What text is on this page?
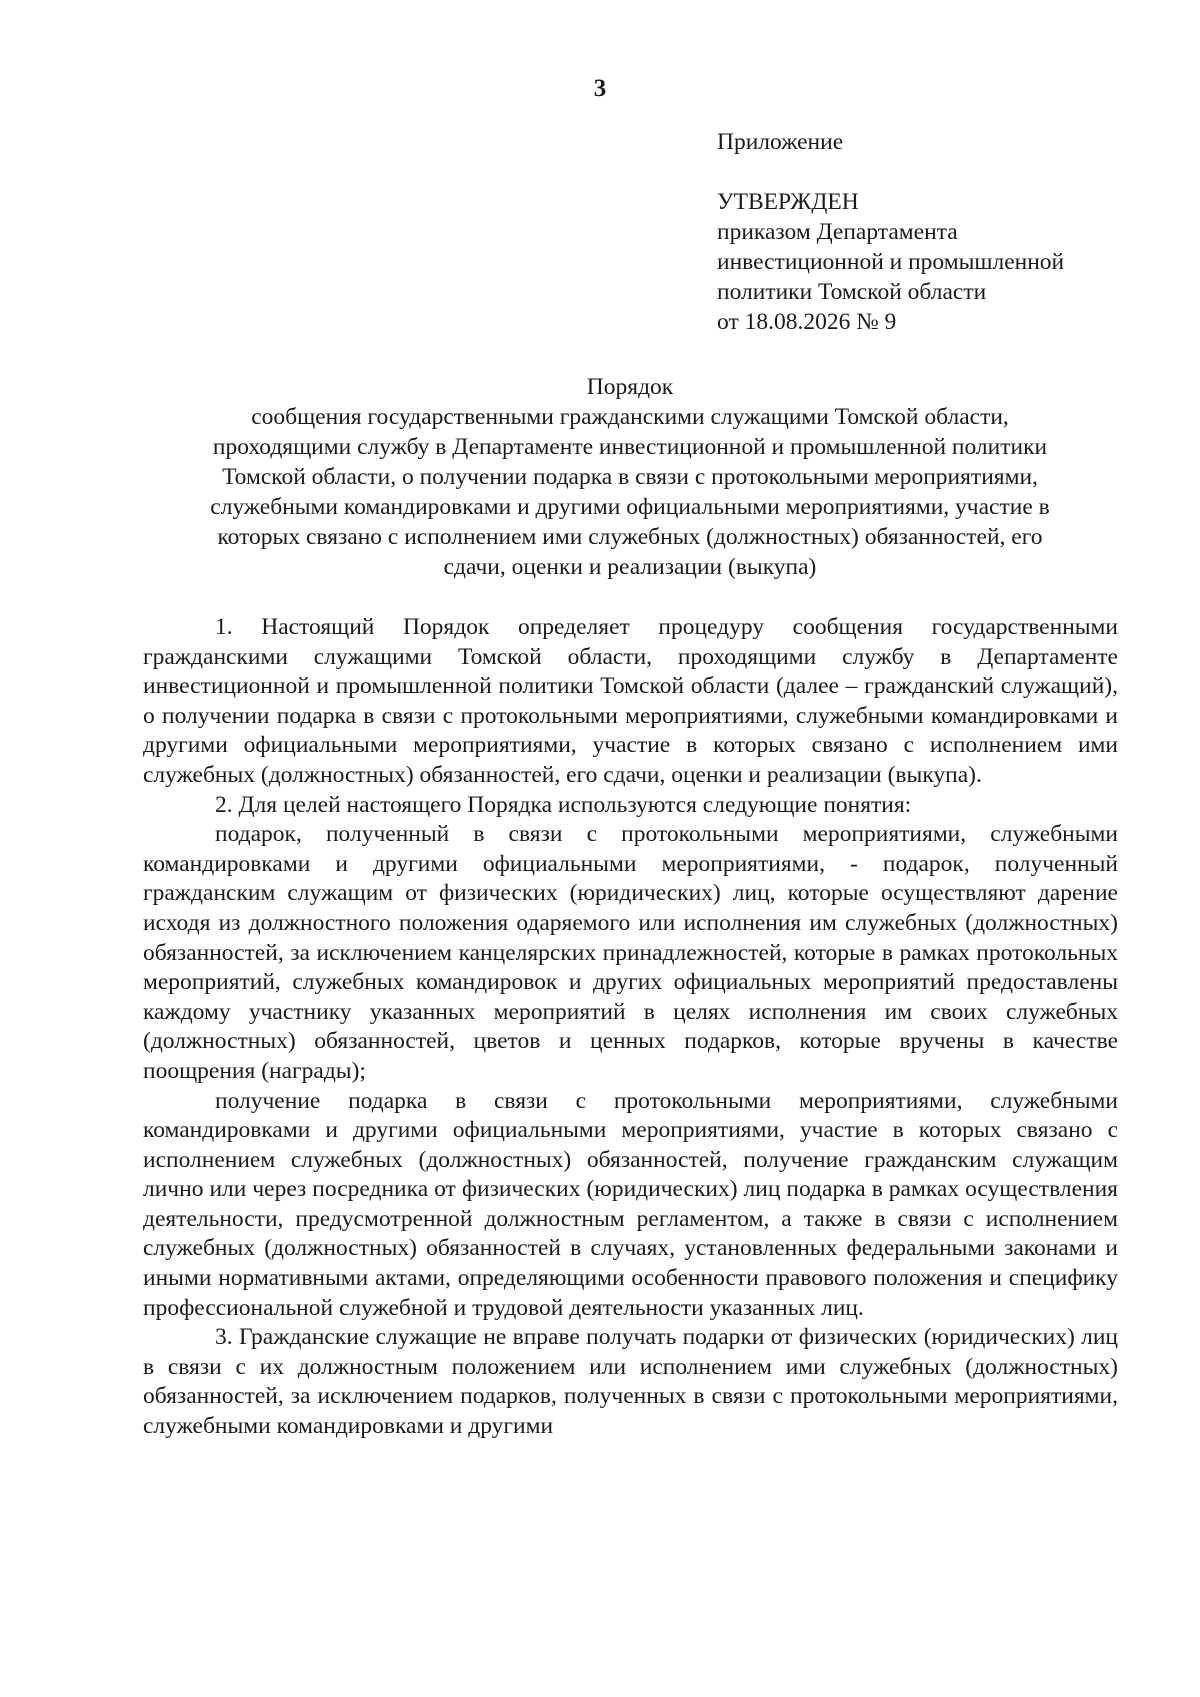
3
Приложение
УТВЕРЖДЕН
приказом Департамента
инвестиционной и промышленной
политики Томской области
от 18.08.2026 № 9
Порядок
сообщения государственными гражданскими служащими Томской области,
проходящими службу в Департаменте инвестиционной и промышленной политики
Томской области, о получении подарка в связи с протокольными мероприятиями,
служебными командировками и другими официальными мероприятиями, участие в
которых связано с исполнением ими служебных (должностных) обязанностей, его
сдачи, оценки и реализации (выкупа)

1. Настоящий Порядок определяет процедуру сообщения государственными гражданскими служащими Томской области, проходящими службу в Департаменте инвестиционной и промышленной политики Томской области (далее – гражданский служащий), о получении подарка в связи с протокольными мероприятиями, служебными командировками и другими официальными мероприятиями, участие в которых связано с исполнением ими служебных (должностных) обязанностей, его сдачи, оценки и реализации (выкупа).

2. Для целей настоящего Порядка используются следующие понятия:

подарок, полученный в связи с протокольными мероприятиями, служебными командировками и другими официальными мероприятиями, - подарок, полученный гражданским служащим от физических (юридических) лиц, которые осуществляют дарение исходя из должностного положения одаряемого или исполнения им служебных (должностных) обязанностей, за исключением канцелярских принадлежностей, которые в рамках протокольных мероприятий, служебных командировок и других официальных мероприятий предоставлены каждому участнику указанных мероприятий в целях исполнения им своих служебных (должностных) обязанностей, цветов и ценных подарков, которые вручены в качестве поощрения (награды);

получение подарка в связи с протокольными мероприятиями, служебными командировками и другими официальными мероприятиями, участие в которых связано с исполнением служебных (должностных) обязанностей, получение гражданским служащим лично или через посредника от физических (юридических) лиц подарка в рамках осуществления деятельности, предусмотренной должностным регламентом, а также в связи с исполнением служебных (должностных) обязанностей в случаях, установленных федеральными законами и иными нормативными актами, определяющими особенности правового положения и специфику профессиональной служебной и трудовой деятельности указанных лиц.

3. Гражданские служащие не вправе получать подарки от физических (юридических) лиц в связи с их должностным положением или исполнением ими служебных (должностных) обязанностей, за исключением подарков, полученных в связи с протокольными мероприятиями, служебными командировками и другими
